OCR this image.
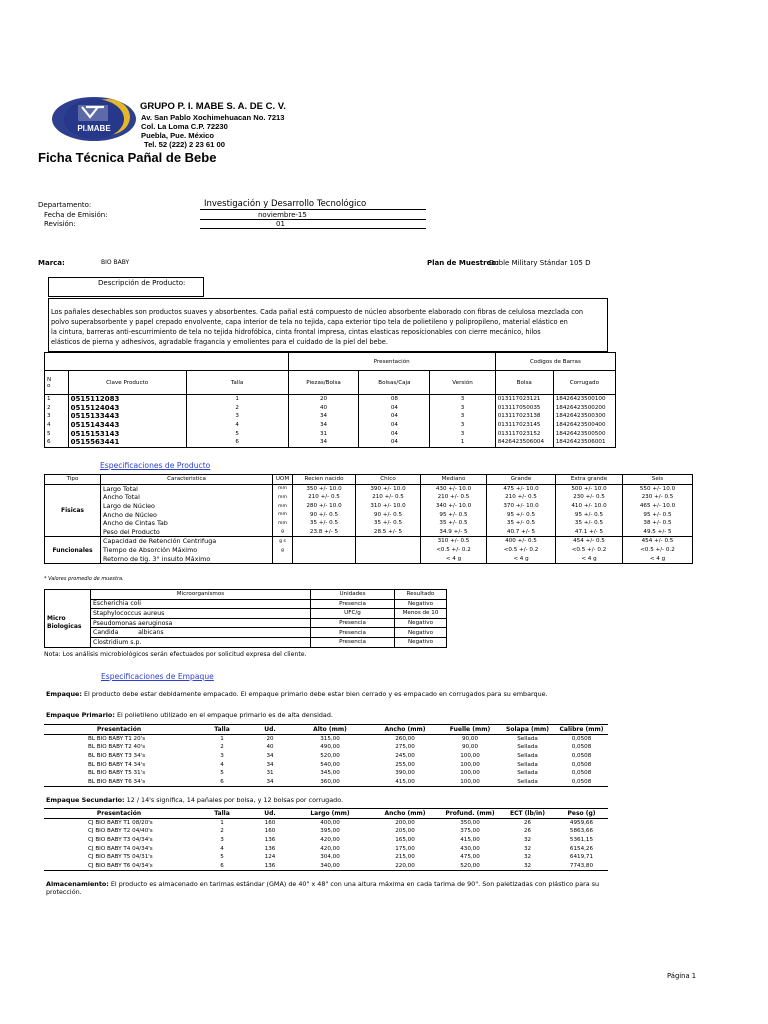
PI.MABE
GRUPO P. I. MABE S. A. DE C. V.
Av. San Pablo Xochimehuacan No. 7213
Col. La Loma C.P. 72230
Puebla, Pue. México
Tel. 52 (222) 2 23 61 00
Ficha Técnica Pañal de Bebe
Departamento:	Investigación y Desarrollo Tecnológico
Fecha de Emisión:	noviembre-15
Revisión:	01
Marca:	BIO BABY	Plan de Muestreo:
Doble Military Stándar 105 D
Descripción de Producto:
Los pañales desechables son productos suaves y absorbentes. Cada pañal está compuesto de núcleo absorbente elaborado con fibras de celulosa mezclada con
polvo superabsorbente y papel crepado envolvente, capa interior de tela no tejida, capa exterior tipo tela de polietileno y polipropileno, material elástico en
la cintura, barreras anti-escurrimiento de tela no tejida hidrofóbica, cinta frontal impresa, cintas elasticas reposicionables con cierre mecánico, hilos
elásticos de pierna y adhesivos, agradable fragancia y emolientes para el cuidado de la piel del bebe.
			Presentación			Codigos de Barras	
N
o	Clave Producto	Talla	Piezas/Bolsa	Bolsas/Caja	Versión	Bolsa	Corrugado
1	0515112083	1	20	08	3	013117023121	18426423500100
2	0515124043	2	40	04	3	013117050035	18426423500200
3	0515133443	3	34	04	3	013117023138	18426423500300
4	0515143443	4	34	04	3	013117023145	18426423500400
5	0515153143	5	31	04	3	013117023152	18426423500500
6	0515563441	6	34	04	1	8426423506004	18426423506001
Especificaciones de Producto
Tipo	Caracteristica	UOM	Recien nacido	Chico	Mediano	Grande	Extra grande	Seis
Fisicas	Largo Total	mm	350 +/- 10.0	390 +/- 10.0	430 +/- 10.0	475 +/- 10.0	500 +/- 10.0	550 +/- 10.0
	Ancho Total	mm	210 +/- 0.5	210 +/- 0.5	210 +/- 0.5	210 +/- 0.5	230 +/- 0.5	230 +/- 0.5
	Largo de Núcleo	mm	280 +/- 10.0	310 +/- 10.0	340 +/- 10.0	370 +/- 10.0	410 +/- 10.0	465 +/- 10.0
	Ancho de Núcleo	mm	90 +/- 0.5	90 +/- 0.5	95 +/- 0.5	95 +/- 0.5	95 +/- 0.5	95 +/- 0.5
	Ancho de Cintas Tab	mm	35 +/- 0.5	35 +/- 0.5	35 +/- 0.5	35 +/- 0.5	35 +/- 0.5	38 +/- 0.5
	Peso del Producto	g	23.8 +/- 5	28.5 +/- 5	34.9 +/- 5	40.7 +/- 5	47.1 +/- 5	49.5 +/- 5
Funcionales	Capacidad de Retención Centrifuga	g s			310 +/- 0.5	400 +/- 0.5	454 +/- 0.5	454 +/- 0.5
	Tiempo de Absorción Máximo	g			<0.5 +/- 0.2	<0.5 +/- 0.2	<0.5 +/- 0.2	<0.5 +/- 0.2
	Retorno de tig. 3° insulto Máximo				< 4 g	< 4 g	< 4 g	< 4 g
* Valores promedio de muestra.
	Microorganismos	Unidades	Resultado
Micro
Biologicas	Escherichia coli	Presencia	Negativo
	Staphylococcus aureus	UFC/g	Menos de 10
	Pseudomonas aeruginosa	Presencia	Negativo
	Candida          albicans	Presencia	Negativo
	Clostridium s.p.	Presencia	Negativo
Nota: Los análisis microbiológicos serán efectuados por solicitud expresa del cliente.
Especificaciones de Empaque
Empaque: El producto debe estar debidamente empacado. El empaque primario debe estar bien cerrado y es empacado en corrugados para su embarque.
Empaque Primario: El polietileno utilizado en el empaque primario es de alta densidad.
Presentación	Talla	Ud.	Alto (mm)	Ancho (mm)	Fuelle (mm)	Solapa (mm)	Calibre (mm)
BL BIO BABY T1 20's	1	20	315,00	260,00	90,00	Sellada	0,0508
BL BIO BABY T2 40's	2	40	490,00	275,00	90,00	Sellada	0,0508
BL BIO BABY T3 34's	3	34	520,00	245,00	100,00	Sellada	0,0508
BL BIO BABY T4 34's	4	34	540,00	255,00	100,00	Sellada	0,0508
BL BIO BABY T5 31's	5	31	345,00	390,00	100,00	Sellada	0,0508
BL BIO BABY T6 34's	6	34	360,00	415,00	100,00	Sellada	0,0508
Empaque Secundario: 12 / 14's significa, 14 pañales por bolsa, y 12 bolsas por corrugado.
Presentación	Talla	Ud.	Largo (mm)	Ancho (mm)	Profund. (mm)	ECT (lb/in)	Peso (g)
CJ BIO BABY T1 08/20's	1	160	400,00	200,00	350,00	26	4959,66
CJ BIO BABY T2 04/40's	2	160	395,00	205,00	375,00	26	5863,66
CJ BIO BABY T3 04/34's	3	136	420,00	165,00	415,00	32	5361,15
CJ BIO BABY T4 04/34's	4	136	420,00	175,00	430,00	32	6154,26
CJ BIO BABY T5 04/31's	5	124	304,00	215,00	475,00	32	6419,71
CJ BIO BABY T6 04/34's	6	136	340,00	220,00	520,00	32	7743,80
Almacenamiento: El producto es almacenado en tarimas estándar (GMA) de 40" x 48" con una altura máxima en cada tarima de 90". Son paletizadas con plástico para su
protección.
Página 1
